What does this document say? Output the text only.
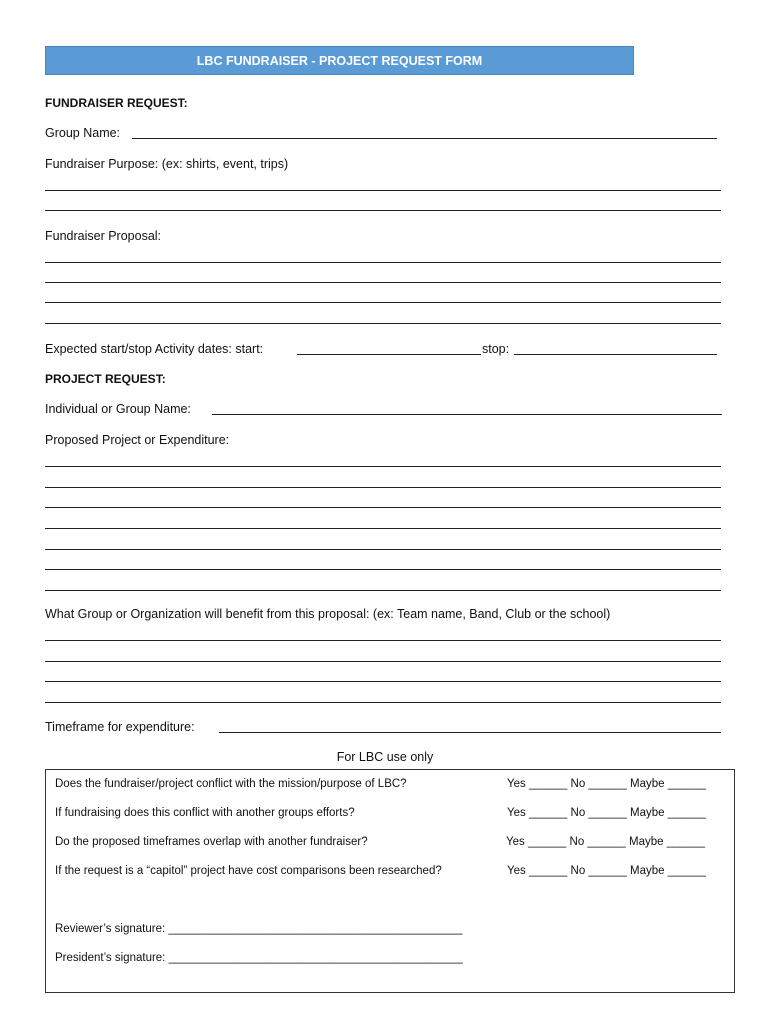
LBC FUNDRAISER - PROJECT REQUEST FORM
FUNDRAISER REQUEST:
Group Name:
Fundraiser Purpose: (ex: shirts, event, trips)
Fundraiser Proposal:
Expected start/stop Activity dates: start:	stop:
PROJECT REQUEST:
Individual or Group Name:
Proposed Project or Expenditure:
What Group or Organization will benefit from this proposal: (ex: Team name, Band, Club or the school)
Timeframe for expenditure:
For LBC use only
Does the fundraiser/project conflict with the mission/purpose of LBC?	Yes ______ No ______ Maybe ______
If fundraising does this conflict with another groups efforts?	Yes ______ No ______ Maybe ______
Do the proposed timeframes overlap with another fundraiser?	Yes ______ No ______ Maybe ______
If the request is a “capitol” project have cost comparisons been researched?	Yes ______ No ______ Maybe ______
Reviewer’s signature: ______________________________________________
President’s signature: ______________________________________________
